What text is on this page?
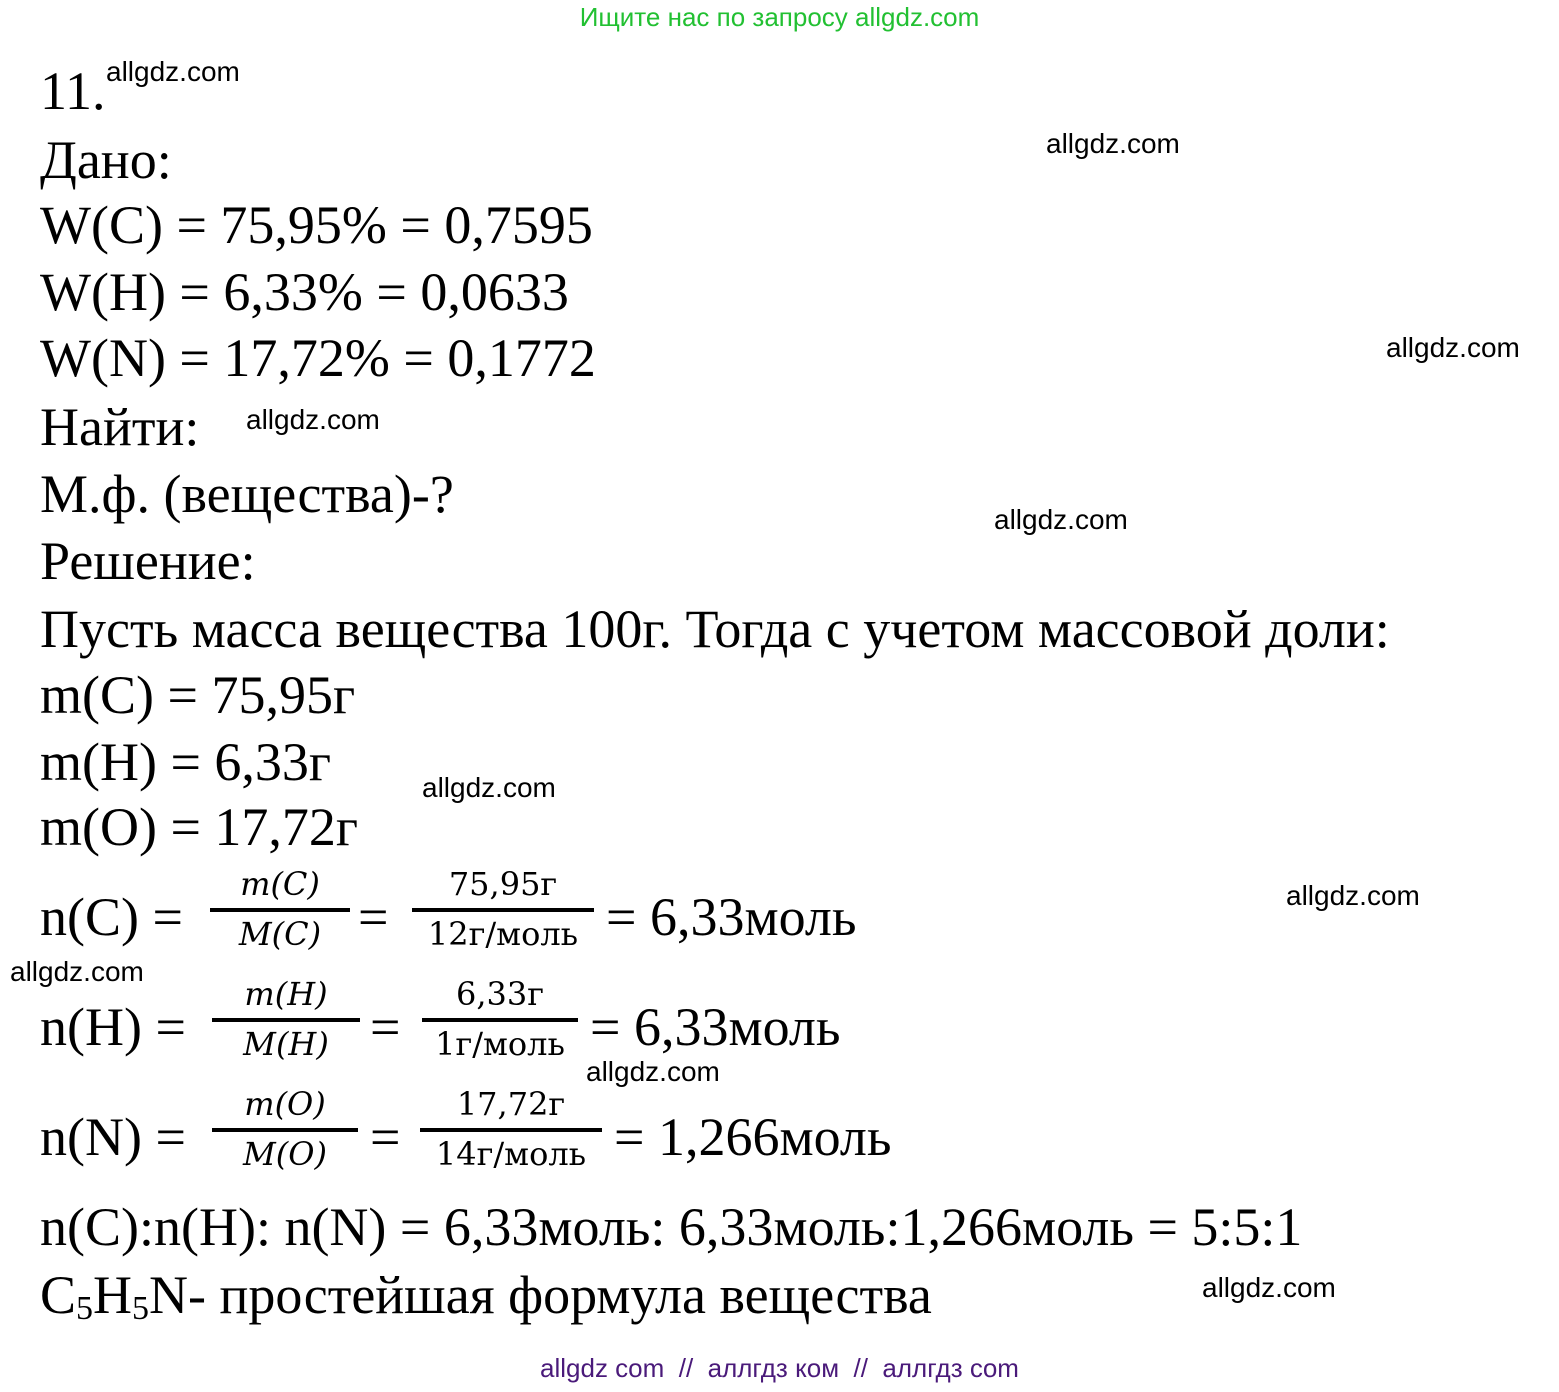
Ищите нас по запросу allgdz.com
11. allgdz.com
Дано:	allgdz.com
W(C) = 75,95% = 0,7595
W(H) = 6,33% = 0,0633
W(N) = 17,72% = 0,1772	allgdz.com
Найти: allgdz.com
М.ф. (вещества)-?	allgdz.com
Решение:
Пусть масса вещества 100г. Тогда с учетом массовой доли:
m(C) = 75,95г
m(H) = 6,33г	allgdz.com
m(O) = 17,72г
n(C) =
m(C)
M(C) =
75,95г
12г/моль = 6,33моль	allgdz.com
allgdz.com
n(H) =
m(H)
M(H) =
6,33г
1г/моль = 6,33моль
allgdz.com
n(N) =
m(O)
M(O) =
17,72г
14г/моль = 1,266моль
n(C):n(H): n(N) = 6,33моль: 6,33моль:1,266моль = 5:5:1
$C_5H_5N-$ простейшая формула вещества	allgdz.com
allgdz com  //  аллгдз ком  //  аллгдз com
